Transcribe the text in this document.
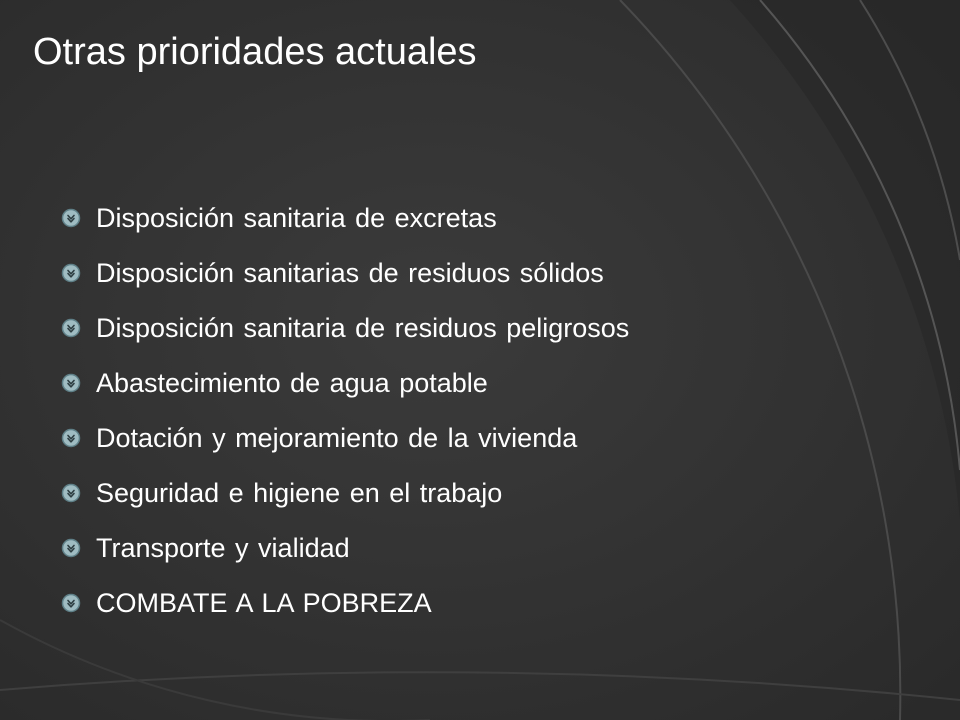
Otras prioridades actuales
Disposición sanitaria de excretas
Disposición sanitarias de residuos sólidos
Disposición sanitaria de residuos peligrosos
Abastecimiento de agua potable
Dotación y mejoramiento de la vivienda
Seguridad e higiene en el trabajo
Transporte y vialidad
COMBATE A LA POBREZA
